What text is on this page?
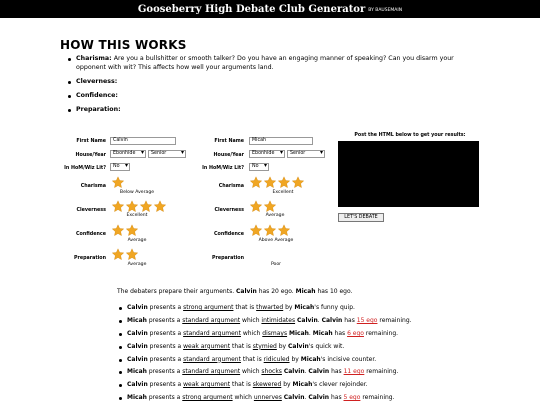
Gooseberry High Debate Club Generator BY BAUSEMAIN
HOW THIS WORKS
Charisma: Are you a bullshitter or smooth talker? Do you have an engaging manner of speaking? Can you disarm your opponent with wit? This affects how well your arguments land.
Cleverness:
Confidence:
Preparation:
First Name	Calvin
House/Year	Ebonhide ▾	Senior ▾
In HoM/Wiz Lit?	No ▾
Charisma
Below Average
Cleverness
Excellent
Confidence
Average
Preparation
Average
First Name	Micah
House/Year	Ebonhide ▾	Senior ▾
In HoM/Wiz Lit?	No ▾
Charisma
Excellent
Cleverness
Average
Confidence
Above Average
Preparation
Poor
Post the HTML below to get your results:
LET'S DEBATE
The debaters prepare their arguments. Calvin has 20 ego. Micah has 10 ego.
Calvin presents a strong argument that is thwarted by Micah's funny quip.
Micah presents a standard argument which intimidates Calvin. Calvin has 15 ego remaining.
Calvin presents a standard argument which dismays Micah. Micah has 6 ego remaining.
Calvin presents a weak argument that is stymied by Calvin's quick wit.
Calvin presents a standard argument that is ridiculed by Micah's incisive counter.
Micah presents a standard argument which shocks Calvin. Calvin has 11 ego remaining.
Calvin presents a weak argument that is skewered by Micah's clever rejoinder.
Micah presents a strong argument which unnerves Calvin. Calvin has 5 ego remaining.
